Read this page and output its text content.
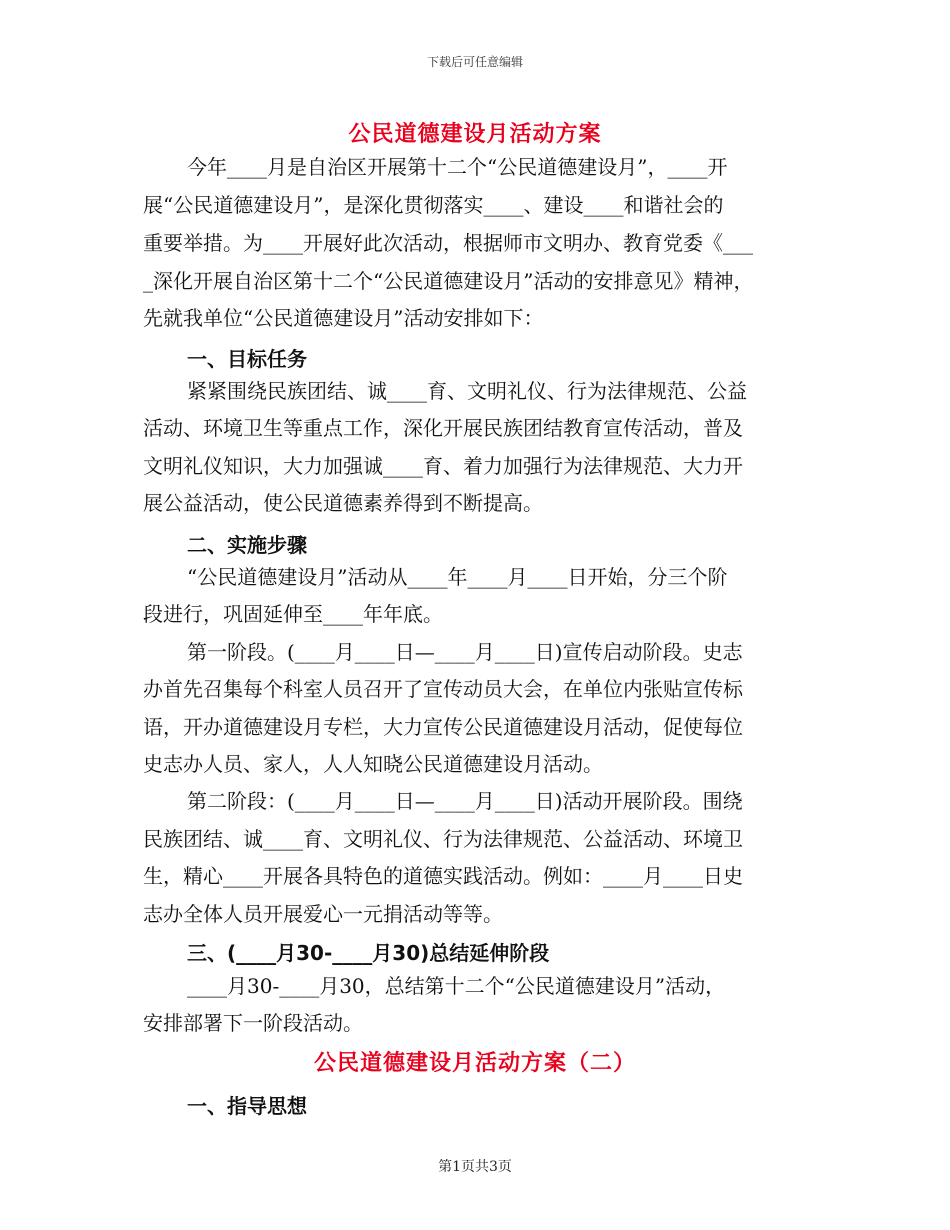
下载后可任意编辑
公民道德建设月活动方案
今年____月是自治区开展第十二个“公民道德建设月”，____开
展“公民道德建设月”，是深化贯彻落实____、建设____和谐社会的
重要举措。为____开展好此次活动，根据师市文明办、教育党委《___
_深化开展自治区第十二个“公民道德建设月”活动的安排意见》精神，
先就我单位“公民道德建设月”活动安排如下：
一、目标任务
紧紧围绕民族团结、诚____育、文明礼仪、行为法律规范、公益
活动、环境卫生等重点工作，深化开展民族团结教育宣传活动，普及
文明礼仪知识，大力加强诚____育、着力加强行为法律规范、大力开
展公益活动，使公民道德素养得到不断提高。
二、实施步骤
“公民道德建设月”活动从____年____月____日开始，分三个阶
段进行，巩固延伸至____年年底。
第一阶段。(____月____日—____月____日)宣传启动阶段。史志
办首先召集每个科室人员召开了宣传动员大会，在单位内张贴宣传标
语，开办道德建设月专栏，大力宣传公民道德建设月活动，促使每位
史志办人员、家人，人人知晓公民道德建设月活动。
第二阶段：(____月____日—____月____日)活动开展阶段。围绕
民族团结、诚____育、文明礼仪、行为法律规范、公益活动、环境卫
生，精心____开展各具特色的道德实践活动。例如：____月____日史
志办全体人员开展爱心一元捐活动等等。
三、(____月30-____月30)总结延伸阶段
____月30-____月30，总结第十二个“公民道德建设月”活动，
安排部署下一阶段活动。
公民道德建设月活动方案（二）
一、指导思想
第1页共3页
